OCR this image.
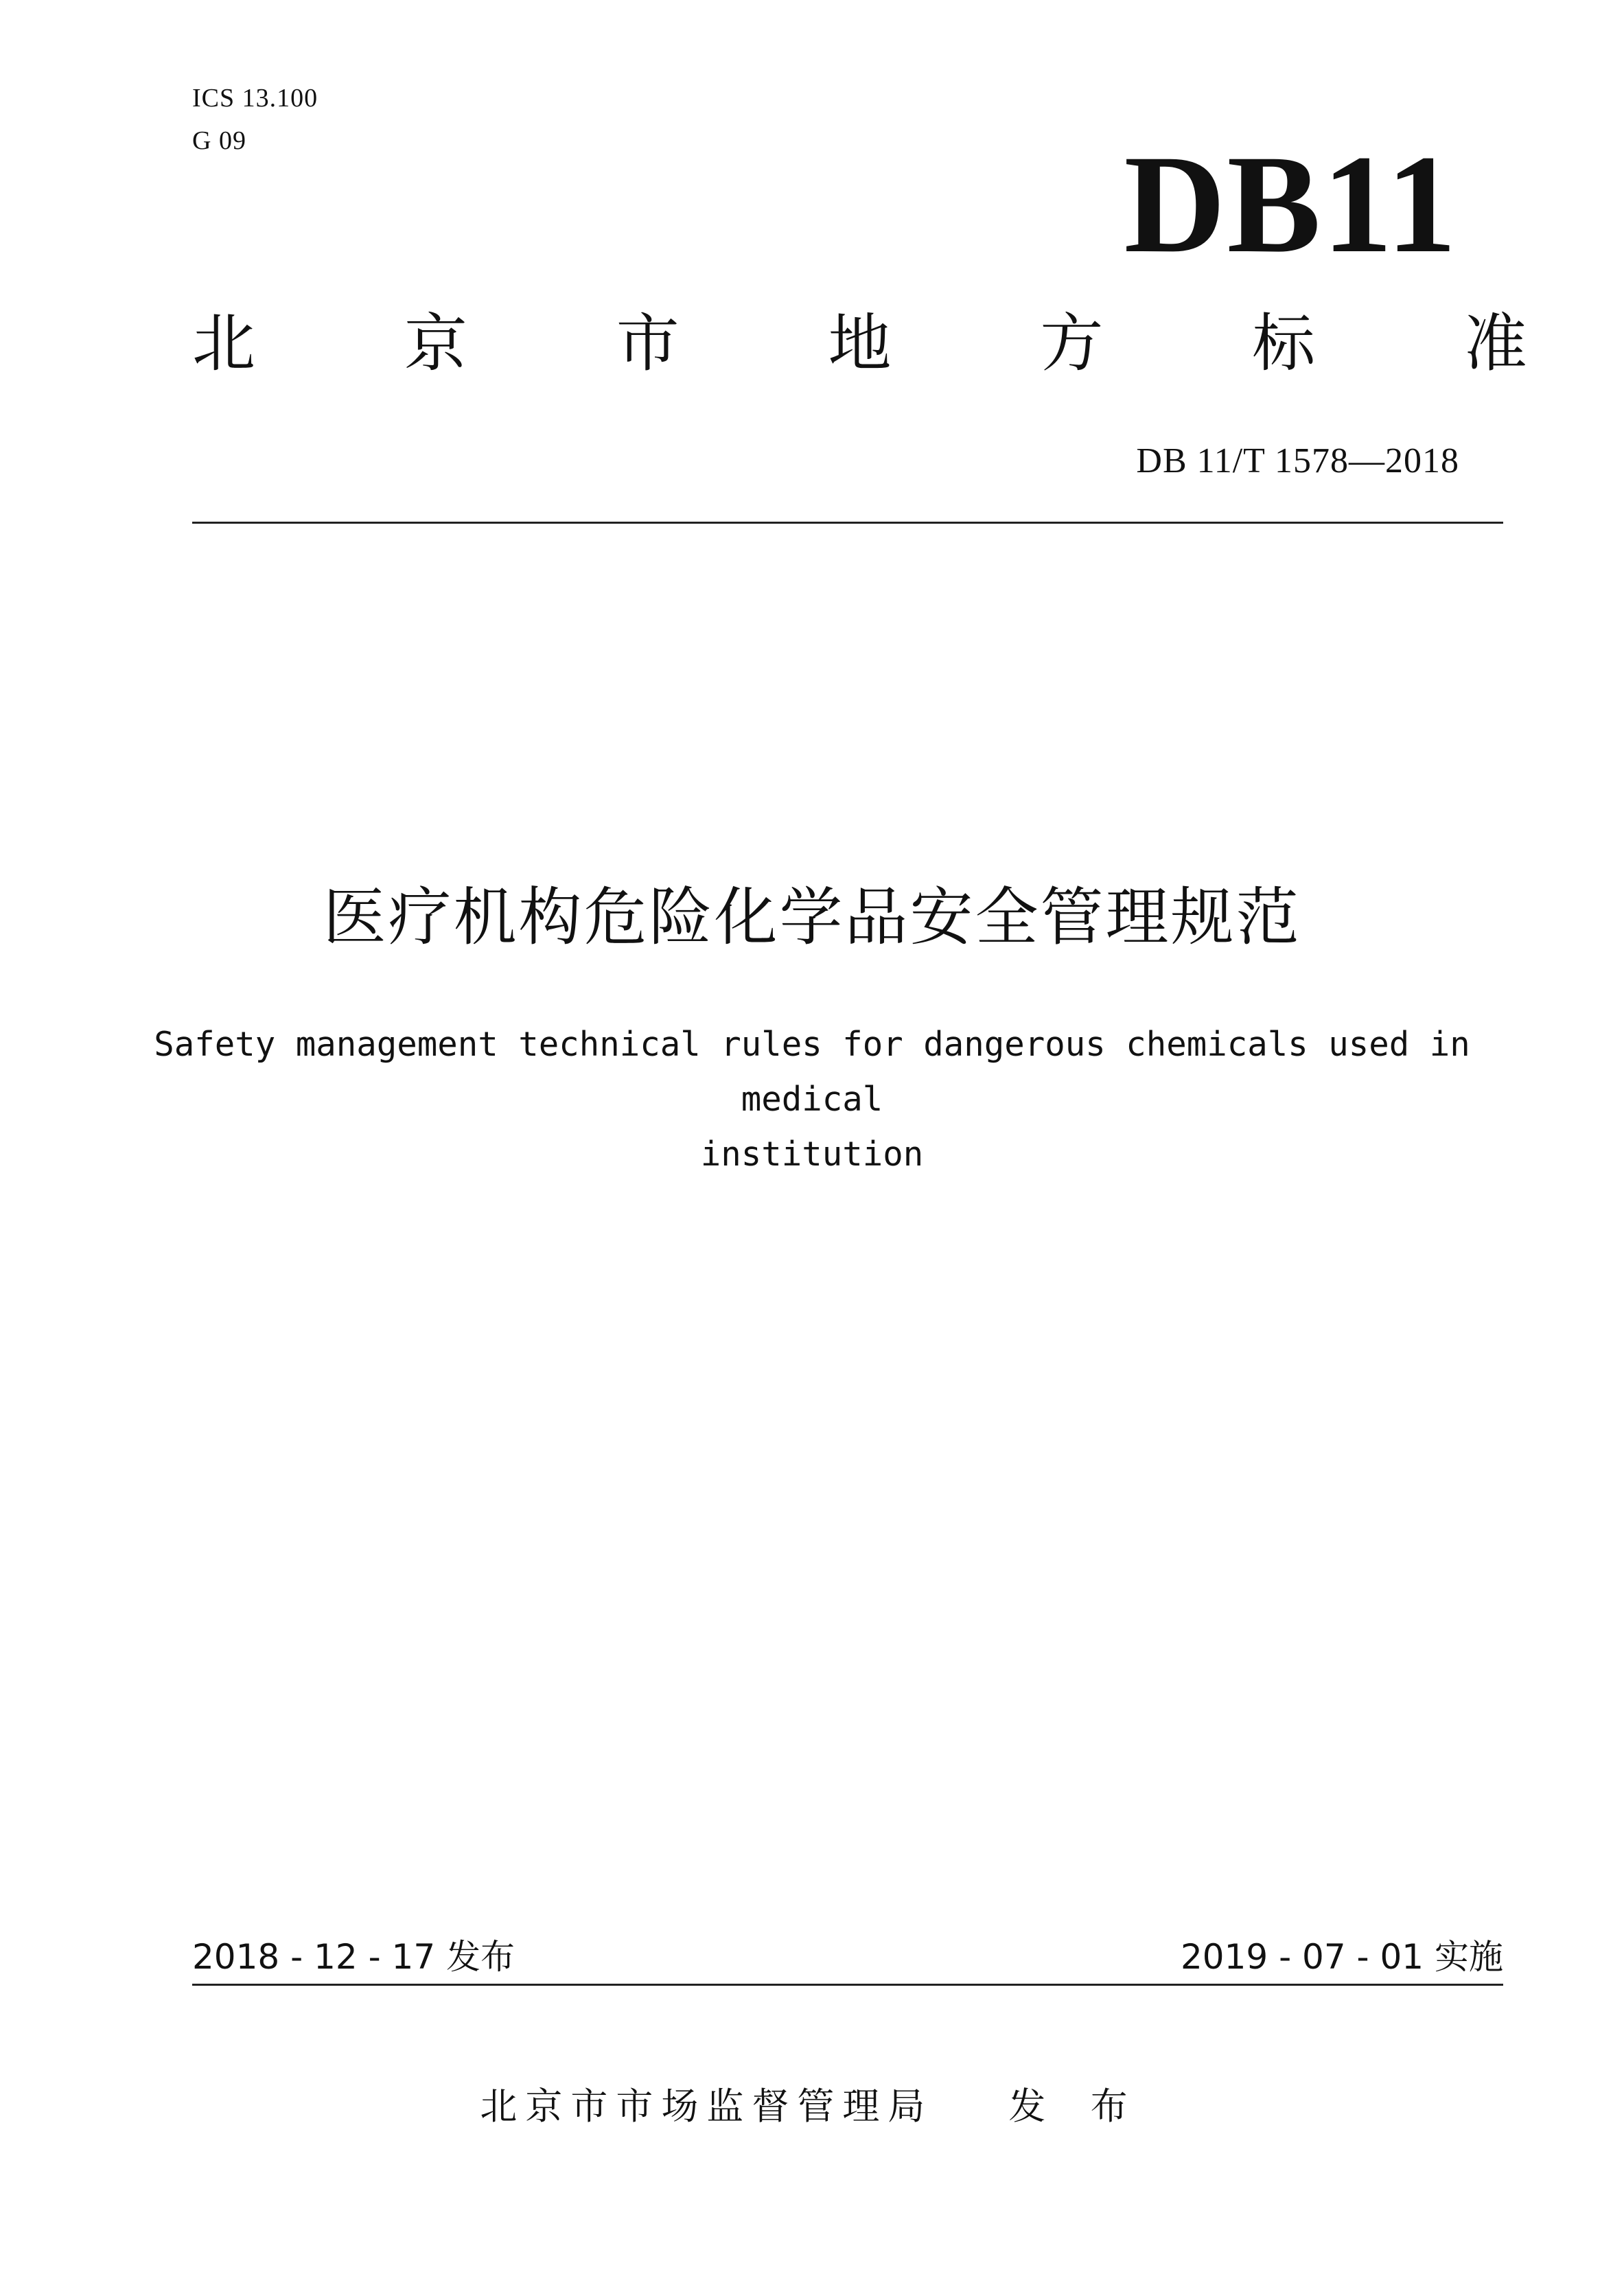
ICS 13.100
G 09	DB11
北 京 市 地 方 标 准
DB 11/T 1578—2018
医疗机构危险化学品安全管理规范
Safety management technical rules for dangerous chemicals used in medical
institution
2018 - 12 - 17 发布	2019 - 07 - 01 实施
北京市市场监督管理局 发 布
